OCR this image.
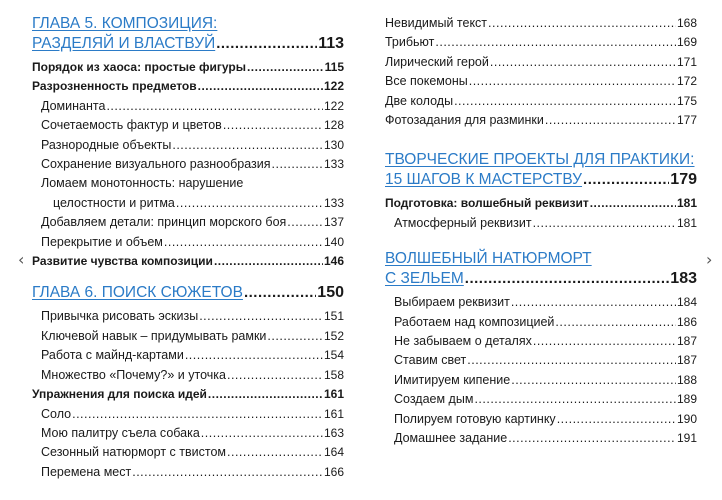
‹	›
ГЛАВА 5. КОМПОЗИЦИЯ:
РАЗДЕЛЯЙ И ВЛАСТВУЙ .....	113
Порядок из хаоса: простые фигуры .....	115
Разрозненность предметов .....	122
Доминанта .....	122
Сочетаемость фактур и цветов .....	128
Разнородные объекты .....	130
Сохранение визуального разнообразия .....	133
Ломаем монотонность: нарушение
целостности и ритма .....	133
Добавляем детали: принцип морского боя .....	137
Перекрытие и объем .....	140
Развитие чувства композиции .....	146
ГЛАВА 6. ПОИСК СЮЖЕТОВ .....	150
Привычка рисовать эскизы .....	151
Ключевой навык – придумывать рамки .....	152
Работа с майнд-картами .....	154
Множество «Почему?» и уточка .....	158
Упражнения для поиска идей .....	161
Соло .....	161
Мою палитру съела собака .....	163
Сезонный натюрморт с твистом .....	164
Перемена мест .....	166
Невидимый текст .....	168
Трибьют .....	169
Лирический герой .....	171
Все покемоны .....	172
Две колоды .....	175
Фотозадания для разминки .....	177
ТВОРЧЕСКИЕ ПРОЕКТЫ ДЛЯ ПРАКТИКИ:
15 ШАГОВ К МАСТЕРСТВУ .....	179
Подготовка: волшебный реквизит .....	181
Атмосферный реквизит .....	181
ВОЛШЕБНЫЙ НАТЮРМОРТ
С ЗЕЛЬЕМ .....	183
Выбираем реквизит .....	184
Работаем над композицией .....	186
Не забываем о деталях .....	187
Ставим свет .....	187
Имитируем кипение .....	188
Создаем дым .....	189
Полируем готовую картинку .....	190
Домашнее задание .....	191
